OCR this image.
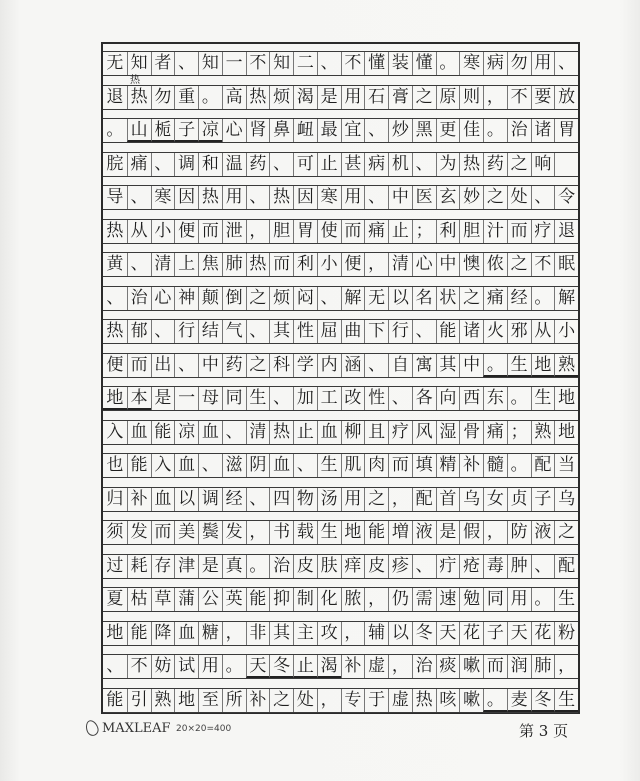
无 知 者 、 知 一 不 知 二 、 不 懂 装 懂 。 寒 病 勿 用 、
退 热 勿 重 。 高 热 烦 渴 是 用 石 膏 之 原 则 ， 不 要 放
。 山 栀 子 凉 心 肾 鼻 衄 最 宜 、 炒 黑 更 佳 。 治 诸 胃
脘 痛 、 调 和 温 药 、 可 止 甚 病 机 、 为 热 药 之 响
导 、 寒 因 热 用 、 热 因 寒 用 、 中 医 玄 妙 之 处 、 令
热 从 小 便 而 泄 ， 胆 胃 使 而 痛 止 ； 利 胆 汁 而 疗 退
黄 、 清 上 焦 肺 热 而 利 小 便 ， 清 心 中 懊 侬 之 不 眠
、 治 心 神 颠 倒 之 烦 闷 、 解 无 以 名 状 之 痛 经 。 解
热 郁 、 行 结 气 、 其 性 屈 曲 下 行 、 能 诸 火 邪 从 小
便 而 出 、 中 药 之 科 学 内 涵 、 自 寓 其 中 。 生 地 熟
地 本 是 一 母 同 生 、 加 工 改 性 、 各 向 西 东 。 生 地
入 血 能 凉 血 、 清 热 止 血 柳 且 疗 风 湿 骨 痛 ； 熟 地
也 能 入 血 、 滋 阴 血 、 生 肌 肉 而 填 精 补 髓 。 配 当
归 补 血 以 调 经 、 四 物 汤 用 之 ， 配 首 乌 女 贞 子 乌
须 发 而 美 鬓 发 ， 书 载 生 地 能 増 液 是 假 ， 防 液 之
过 耗 存 津 是 真 。 治 皮 肤 痒 皮 疹 、 疔 疮 毒 肿 、 配
夏 枯 草 蒲 公 英 能 抑 制 化 脓 ， 仍 需 速 勉 同 用 。 生
地 能 降 血 糖 ， 非 其 主 攻 ， 辅 以 冬 天 花 子 天 花 粉
、 不 妨 试 用 。 天 冬 止 渴 补 虚 ， 治 痰 嗽 而 润 肺 ，
能 引 熟 地 至 所 补 之 处 ， 专 于 虚 热 咳 嗽 。 麦 冬 生
热
MAXLEAF 20×20=400	第 3 页
